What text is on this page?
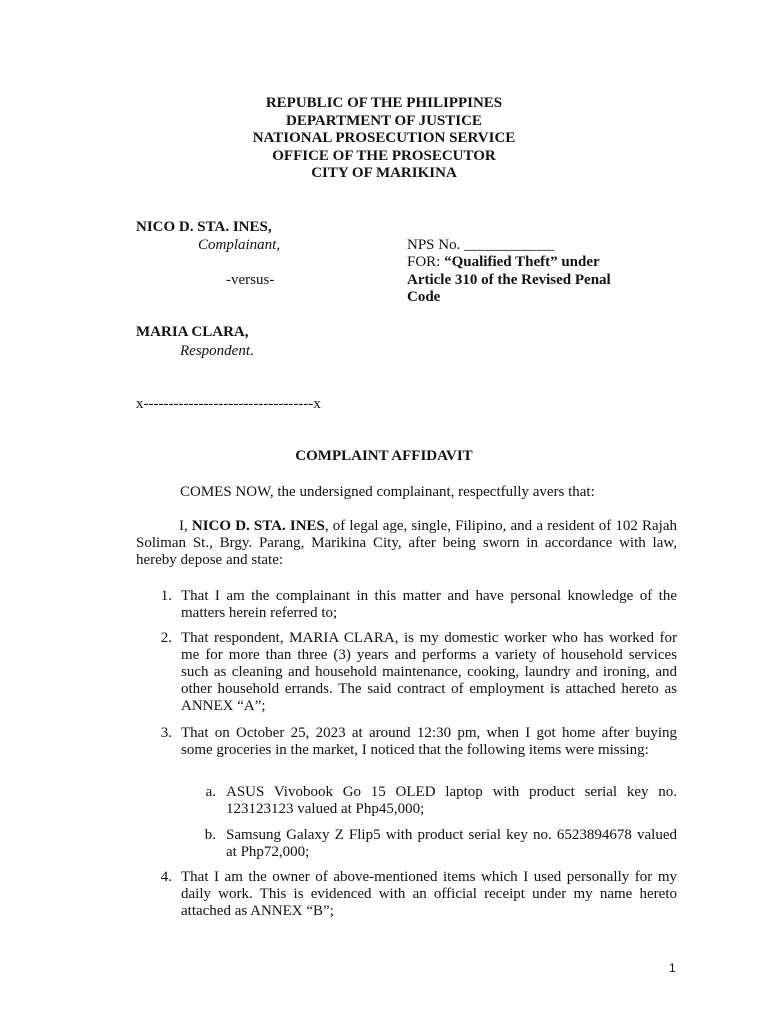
REPUBLIC OF THE PHILIPPINES
DEPARTMENT OF JUSTICE
NATIONAL PROSECUTION SERVICE
OFFICE OF THE PROSECUTOR
CITY OF MARIKINA
NICO D. STA. INES,
Complainant,
-versus-
MARIA CLARA,
Respondent.
NPS No. ____________
FOR: “Qualified Theft” under
Article 310 of the Revised Penal
Code
x----------------------------------x
COMPLAINT AFFIDAVIT
COMES NOW, the undersigned complainant, respectfully avers that:
I, NICO D. STA. INES, of legal age, single, Filipino, and a resident of 102 Rajah Soliman St., Brgy. Parang, Marikina City, after being sworn in accordance with law, hereby depose and state:
1. That I am the complainant in this matter and have personal knowledge of the matters herein referred to;
2. That respondent, MARIA CLARA, is my domestic worker who has worked for me for more than three (3) years and performs a variety of household services such as cleaning and household maintenance, cooking, laundry and ironing, and other household errands. The said contract of employment is attached hereto as ANNEX “A”;
3. That on October 25, 2023 at around 12:30 pm, when I got home after buying some groceries in the market, I noticed that the following items were missing:
a. ASUS Vivobook Go 15 OLED laptop with product serial key no. 123123123 valued at Php45,000;
b. Samsung Galaxy Z Flip5 with product serial key no. 6523894678 valued at Php72,000;
4. That I am the owner of above-mentioned items which I used personally for my daily work. This is evidenced with an official receipt under my name hereto attached as ANNEX “B”;
1
